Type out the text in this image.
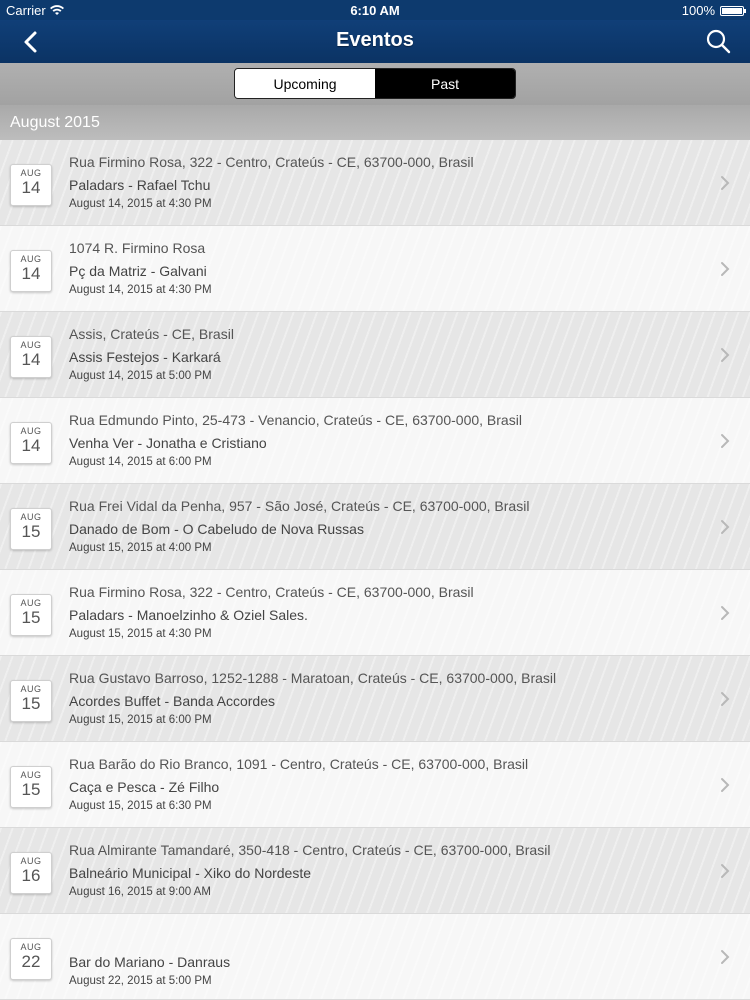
Carrier	6:10 AM	100%
Eventos
Upcoming	Past
August 2015
AUG
14
Rua Firmino Rosa, 322 - Centro, Crateús - CE, 63700-000, Brasil
Paladars - Rafael Tchu
August 14, 2015 at 4:30 PM
AUG
14
1074 R. Firmino Rosa
Pç da Matriz - Galvani
August 14, 2015 at 4:30 PM
AUG
14
Assis, Crateús - CE, Brasil
Assis Festejos - Karkará
August 14, 2015 at 5:00 PM
AUG
14
Rua Edmundo Pinto, 25-473 - Venancio, Crateús - CE, 63700-000, Brasil
Venha Ver - Jonatha e Cristiano
August 14, 2015 at 6:00 PM
AUG
15
Rua Frei Vidal da Penha, 957 - São José, Crateús - CE, 63700-000, Brasil
Danado de Bom - O Cabeludo de Nova Russas
August 15, 2015 at 4:00 PM
AUG
15
Rua Firmino Rosa, 322 - Centro, Crateús - CE, 63700-000, Brasil
Paladars - Manoelzinho & Oziel Sales.
August 15, 2015 at 4:30 PM
AUG
15
Rua Gustavo Barroso, 1252-1288 - Maratoan, Crateús - CE, 63700-000, Brasil
Acordes Buffet - Banda Accordes
August 15, 2015 at 6:00 PM
AUG
15
Rua Barão do Rio Branco, 1091 - Centro, Crateús - CE, 63700-000, Brasil
Caça e Pesca - Zé Filho
August 15, 2015 at 6:30 PM
AUG
16
Rua Almirante Tamandaré, 350-418 - Centro, Crateús - CE, 63700-000, Brasil
Balneário Municipal - Xiko do Nordeste
August 16, 2015 at 9:00 AM
AUG
22	Bar do Mariano - Danraus
August 22, 2015 at 5:00 PM
